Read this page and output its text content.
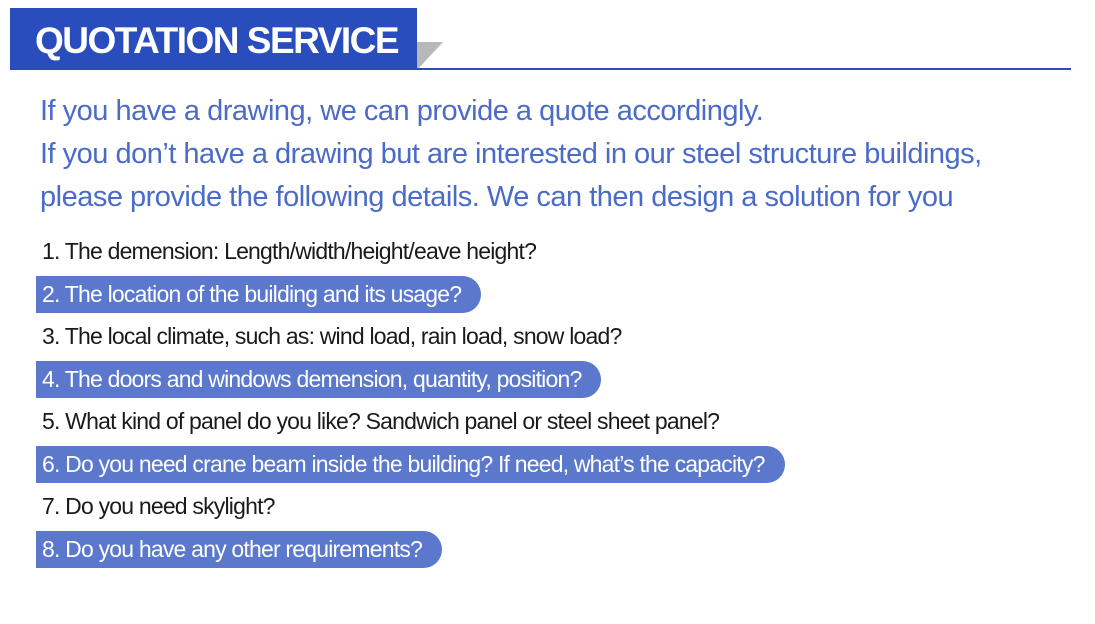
QUOTATION SERVICE

If you have a drawing, we can provide a quote accordingly.

If you don’t have a drawing but are interested in our steel structure buildings,

please provide the following details. We can then design a solution for you

1. The demension: Length/width/height/eave height?
2. The location of the building and its usage?
3. The local climate, such as: wind load, rain load, snow load?
4. The doors and windows demension, quantity, position?
5. What kind of panel do you like? Sandwich panel or steel sheet panel?
6. Do you need crane beam inside the building? If need, what’s the capacity?
7. Do you need skylight?
8. Do you have any other requirements?
